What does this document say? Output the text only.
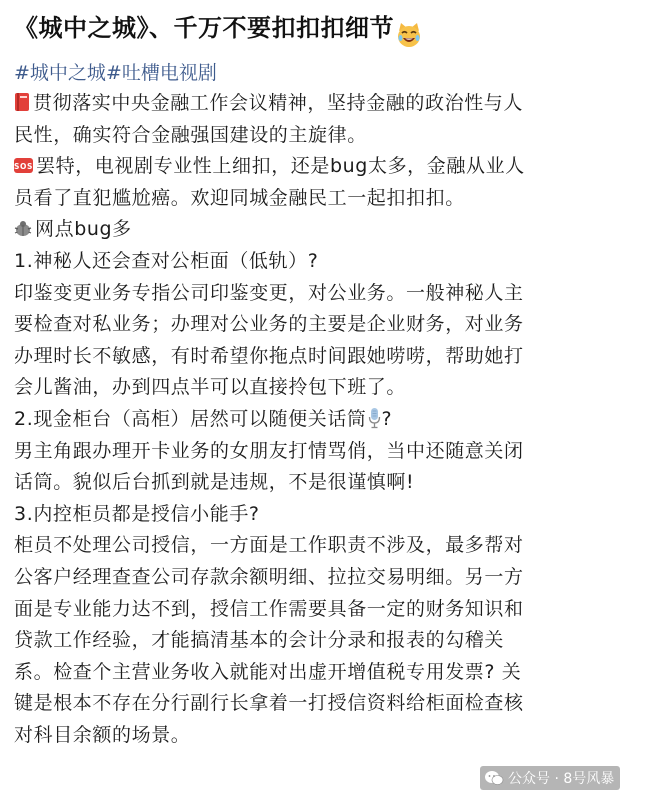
《城中之城》、千万不要扣扣扣细节
#城中之城#吐槽电视剧
贯彻落实中央金融工作会议精神，坚持金融的政治性与人
民性，确实符合金融强国建设的主旋律。
SOS 罢特，电视剧专业性上细扣，还是bug太多，金融从业人
员看了直犯尴尬癌。欢迎同城金融民工一起扣扣扣。
网点bug多
1.神秘人还会查对公柜面（低轨）?
印鉴变更业务专指公司印鉴变更，对公业务。一般神秘人主
要检查对私业务；办理对公业务的主要是企业财务，对业务
办理时长不敏感，有时希望你拖点时间跟她唠唠，帮助她打
会儿酱油，办到四点半可以直接拎包下班了。
2.现金柜台（高柜）居然可以随便关话筒 ?
男主角跟办理开卡业务的女朋友打情骂俏，当中还随意关闭
话筒。貌似后台抓到就是违规，不是很谨慎啊!
3.内控柜员都是授信小能手?
柜员不处理公司授信，一方面是工作职责不涉及，最多帮对
公客户经理查查公司存款余额明细、拉拉交易明细。另一方
面是专业能力达不到，授信工作需要具备一定的财务知识和
贷款工作经验，才能搞清基本的会计分录和报表的勾稽关
系。检查个主营业务收入就能对出虚开增值税专用发票? 关
键是根本不存在分行副行长拿着一打授信资料给柜面检查核
对科目余额的场景。
公众号 · 8号风暴
